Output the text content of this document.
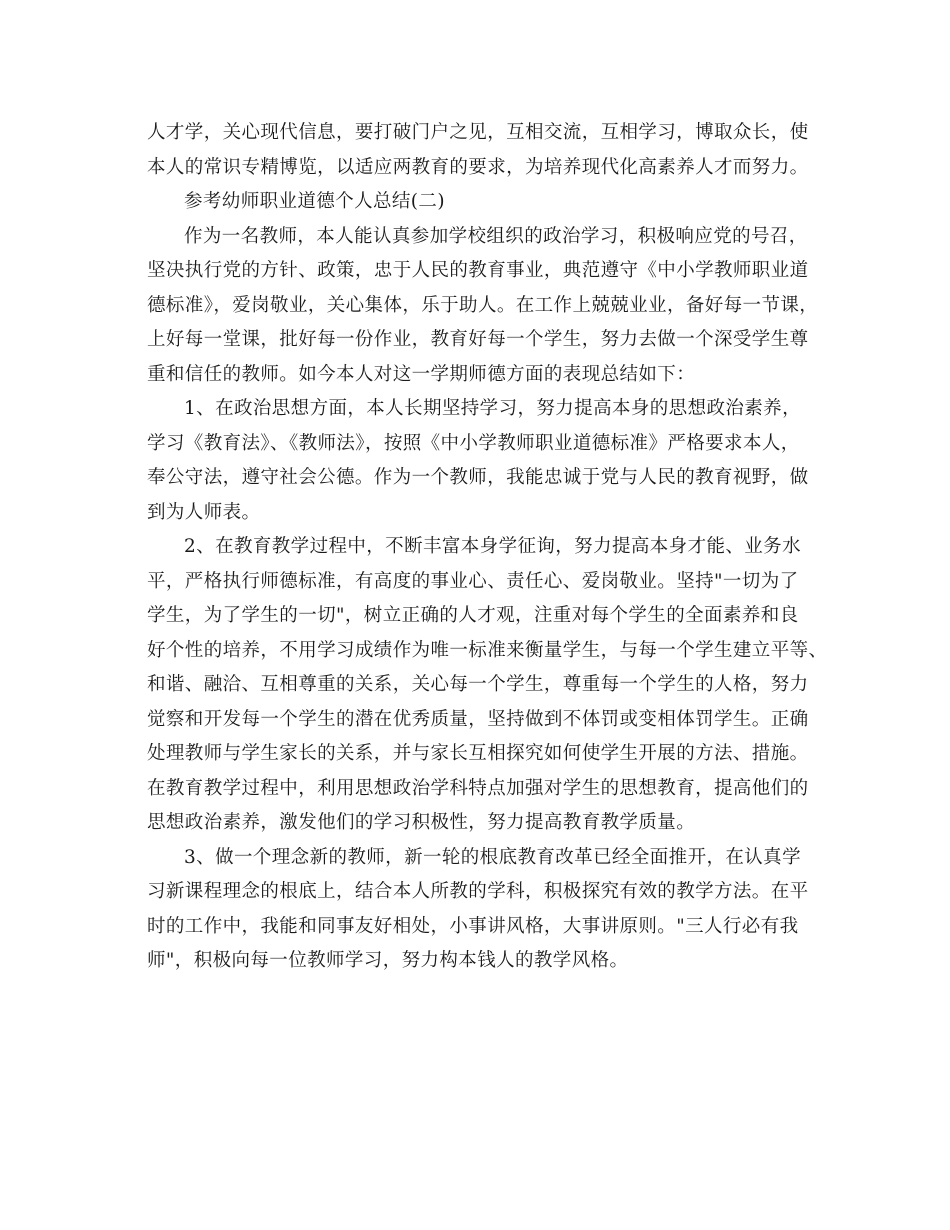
人才学，关心现代信息，要打破门户之见，互相交流，互相学习，博取众长，使
本人的常识专精博览，以适应两教育的要求，为培养现代化高素养人才而努力。
参考幼师职业道德个人总结(二)
作为一名教师，本人能认真参加学校组织的政治学习，积极响应党的号召，
坚决执行党的方针、政策，忠于人民的教育事业，典范遵守《中小学教师职业道
德标准》，爱岗敬业，关心集体，乐于助人。在工作上兢兢业业，备好每一节课，
上好每一堂课，批好每一份作业，教育好每一个学生，努力去做一个深受学生尊
重和信任的教师。如今本人对这一学期师德方面的表现总结如下：
1、在政治思想方面，本人长期坚持学习，努力提高本身的思想政治素养，
学习《教育法》、《教师法》，按照《中小学教师职业道德标准》严格要求本人，
奉公守法，遵守社会公德。作为一个教师，我能忠诚于党与人民的教育视野，做
到为人师表。
2、在教育教学过程中，不断丰富本身学征询，努力提高本身才能、业务水
平，严格执行师德标准，有高度的事业心、责任心、爱岗敬业。坚持"一切为了
学生，为了学生的一切"，树立正确的人才观，注重对每个学生的全面素养和良
好个性的培养，不用学习成绩作为唯一标准来衡量学生，与每一个学生建立平等、
和谐、融洽、互相尊重的关系，关心每一个学生，尊重每一个学生的人格，努力
觉察和开发每一个学生的潜在优秀质量，坚持做到不体罚或变相体罚学生。正确
处理教师与学生家长的关系，并与家长互相探究如何使学生开展的方法、措施。
在教育教学过程中，利用思想政治学科特点加强对学生的思想教育，提高他们的
思想政治素养，激发他们的学习积极性，努力提高教育教学质量。
3、做一个理念新的教师，新一轮的根底教育改革已经全面推开，在认真学
习新课程理念的根底上，结合本人所教的学科，积极探究有效的教学方法。在平
时的工作中，我能和同事友好相处，小事讲风格，大事讲原则。"三人行必有我
师"，积极向每一位教师学习，努力构本钱人的教学风格。
